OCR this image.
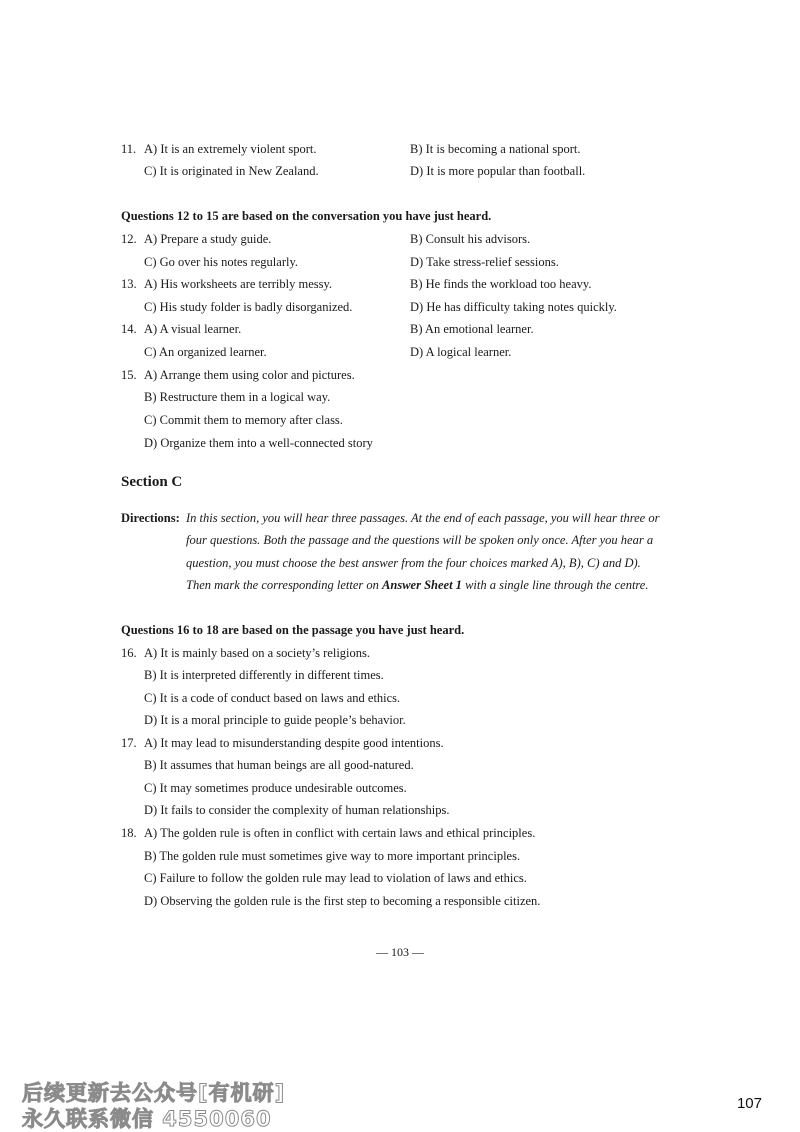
11. A) It is an extremely violent sport.	B) It is becoming a national sport.
C) It is originated in New Zealand.	D) It is more popular than football.
Questions 12 to 15 are based on the conversation you have just heard.
12. A) Prepare a study guide.	B) Consult his advisors.
C) Go over his notes regularly.	D) Take stress-relief sessions.
13. A) His worksheets are terribly messy.	B) He finds the workload too heavy.
C) His study folder is badly disorganized.	D) He has difficulty taking notes quickly.
14. A) A visual learner.	B) An emotional learner.
C) An organized learner.	D) A logical learner.
15. A) Arrange them using color and pictures.
B) Restructure them in a logical way.
C) Commit them to memory after class.
D) Organize them into a well-connected story
Section C
Directions: In this section, you will hear three passages. At the end of each passage, you will hear three or
four questions. Both the passage and the questions will be spoken only once. After you hear a
question, you must choose the best answer from the four choices marked A), B), C) and D).
Then mark the corresponding letter on Answer Sheet 1 with a single line through the centre.
Questions 16 to 18 are based on the passage you have just heard.
16. A) It is mainly based on a society’s religions.
B) It is interpreted differently in different times.
C) It is a code of conduct based on laws and ethics.
D) It is a moral principle to guide people’s behavior.
17. A) It may lead to misunderstanding despite good intentions.
B) It assumes that human beings are all good-natured.
C) It may sometimes produce undesirable outcomes.
D) It fails to consider the complexity of human relationships.
18. A) The golden rule is often in conflict with certain laws and ethical principles.
B) The golden rule must sometimes give way to more important principles.
C) Failure to follow the golden rule may lead to violation of laws and ethics.
D) Observing the golden rule is the first step to becoming a responsible citizen.
— 103 —
后续更新去公众号[有机研]
永久联系微信 4550060
107
